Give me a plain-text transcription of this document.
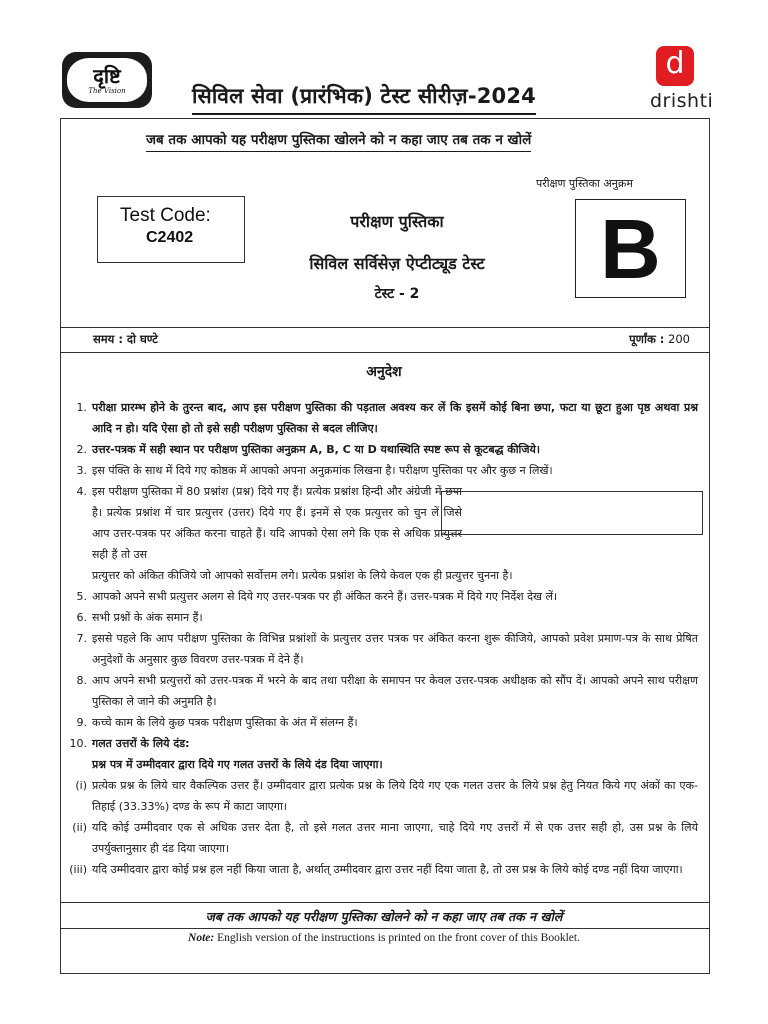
दृष्टि
The Vision	सिविल सेवा (प्रारंभिक) टेस्ट सीरीज़-2024
d
drishti
जब तक आपको यह परीक्षण पुस्तिका खोलने को न कहा जाए तब तक न खोलें
परीक्षण पुस्तिका अनुक्रम
B
Test Code:
C2402
परीक्षण पुस्तिका
सिविल सर्विसेज़ ऐप्टीट्यूड टेस्ट
टेस्ट - 2
समय : दो घण्टे	पूर्णांक : 200
अनुदेश
1. परीक्षा प्रारम्भ होने के तुरन्त बाद, आप इस परीक्षण पुस्तिका की पड़ताल अवश्य कर लें कि इसमें कोई बिना छपा, फटा या छूटा हुआ पृष्ठ अथवा प्रश्न आदि न हो। यदि ऐसा हो तो इसे सही परीक्षण पुस्तिका से बदल लीजिए।
2. उत्तर-पत्रक में सही स्थान पर परीक्षण पुस्तिका अनुक्रम A, B, C या D यथास्थिति स्पष्ट रूप से कूटबद्ध कीजिये।
3. इस पंक्ति के साथ में दिये गए कोष्ठक में आपको अपना अनुक्रमांक लिखना है। परीक्षण पुस्तिका पर और कुछ न लिखें।
4. इस परीक्षण पुस्तिका में 80 प्रश्नांश (प्रश्न) दिये गए हैं। प्रत्येक प्रश्नांश हिन्दी और अंग्रेजी में छपा है। प्रत्येक प्रश्नांश में चार प्रत्युत्तर (उत्तर) दिये गए हैं। इनमें से एक प्रत्युत्तर को चुन लें जिसे आप उत्तर-पत्रक पर अंकित करना चाहते हैं। यदि आपको ऐसा लगे कि एक से अधिक प्रत्युत्तर सही हैं तो उस
प्रत्युत्तर को अंकित कीजिये जो आपको सर्वोत्तम लगे। प्रत्येक प्रश्नांश के लिये केवल एक ही प्रत्युत्तर चुनना है।
5. आपको अपने सभी प्रत्युत्तर अलग से दिये गए उत्तर-पत्रक पर ही अंकित करने हैं। उत्तर-पत्रक में दिये गए निर्देश देख लें।
6. सभी प्रश्नों के अंक समान हैं।
7. इससे पहले कि आप परीक्षण पुस्तिका के विभिन्न प्रश्नांशों के प्रत्युत्तर उत्तर पत्रक पर अंकित करना शुरू कीजिये, आपको प्रवेश प्रमाण-पत्र के साथ प्रेषित अनुदेशों के अनुसार कुछ विवरण उत्तर-पत्रक में देने हैं।
8. आप अपने सभी प्रत्युत्तरों को उत्तर-पत्रक में भरने के बाद तथा परीक्षा के समापन पर केवल उत्तर-पत्रक अधीक्षक को सौंप दें। आपको अपने साथ परीक्षण पुस्तिका ले जाने की अनुमति है।
9. कच्चे काम के लिये कुछ पत्रक परीक्षण पुस्तिका के अंत में संलग्न हैं।
10. गलत उत्तरों के लिये दंड:
प्रश्न पत्र में उम्मीदवार द्वारा दिये गए गलत उत्तरों के लिये दंड दिया जाएगा।
(i) प्रत्येक प्रश्न के लिये चार वैकल्पिक उत्तर हैं। उम्मीदवार द्वारा प्रत्येक प्रश्न के लिये दिये गए एक गलत उत्तर के लिये प्रश्न हेतु नियत किये गए अंकों का एक-तिहाई (33.33%) दण्ड के रूप में काटा जाएगा।
(ii) यदि कोई उम्मीदवार एक से अधिक उत्तर देता है, तो इसे गलत उत्तर माना जाएगा, चाहे दिये गए उत्तरों में से एक उत्तर सही हो, उस प्रश्न के लिये उपर्युक्तानुसार ही दंड दिया जाएगा।
(iii) यदि उम्मीदवार द्वारा कोई प्रश्न हल नहीं किया जाता है, अर्थात् उम्मीदवार द्वारा उत्तर नहीं दिया जाता है, तो उस प्रश्न के लिये कोई दण्ड नहीं दिया जाएगा।
जब तक आपको यह परीक्षण पुस्तिका खोलने को न कहा जाए तब तक न खोलें
Note: English version of the instructions is printed on the front cover of this Booklet.
